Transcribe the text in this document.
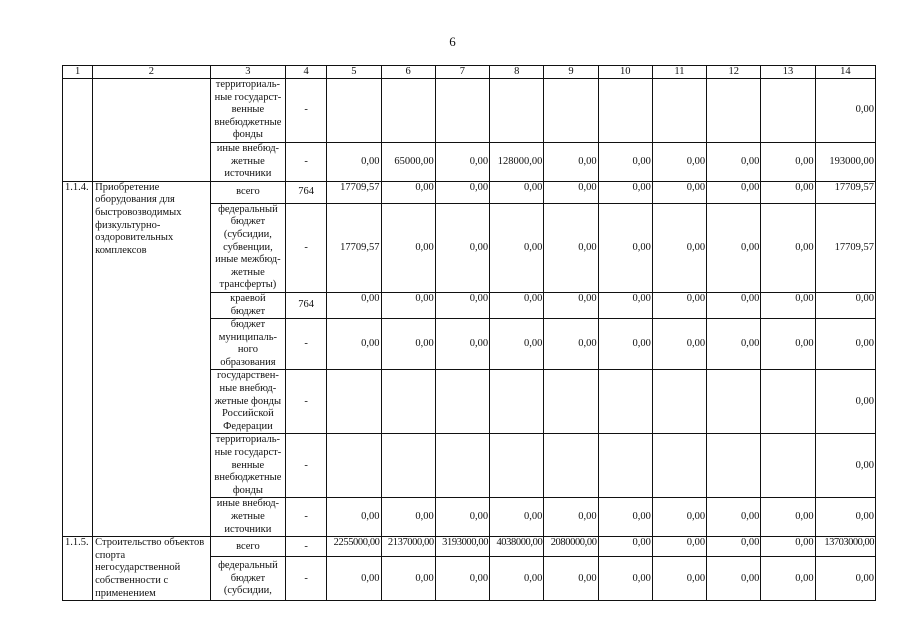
6
1	2	3	4	5	6	7	8	9	10	11	12	13	14
		территориаль-ные государст-венные внебюджетные фонды	-										0,00
		иные внебюд-жетные источники	-	0,00	65000,00	0,00	128000,00	0,00	0,00	0,00	0,00	0,00	193000,00
1.1.4.	Приобретение оборудования для быстровозводимых физкультурно-оздоровительных комплексов	всего	764	17709,57	0,00	0,00	0,00	0,00	0,00	0,00	0,00	0,00	17709,57
		федеральный бюджет (субсидии, субвенции, иные межбюд-жетные трансферты)	-	17709,57	0,00	0,00	0,00	0,00	0,00	0,00	0,00	0,00	17709,57
		краевой бюджет	764	0,00	0,00	0,00	0,00	0,00	0,00	0,00	0,00	0,00	0,00
		бюджет муниципаль-ного образования	-	0,00	0,00	0,00	0,00	0,00	0,00	0,00	0,00	0,00	0,00
		государствен-ные внебюд-жетные фонды Российской Федерации	-										0,00
		территориаль-ные государст-венные внебюджетные фонды	-										0,00
		иные внебюд-жетные источники	-	0,00	0,00	0,00	0,00	0,00	0,00	0,00	0,00	0,00	0,00
1.1.5.	Строительство объектов спорта негосударственной собственности с применением	всего	-	2255000,00	2137000,00	3193000,00	4038000,00	2080000,00	0,00	0,00	0,00	0,00	13703000,00
		федеральный бюджет (субсидии,	-	0,00	0,00	0,00	0,00	0,00	0,00	0,00	0,00	0,00	0,00
